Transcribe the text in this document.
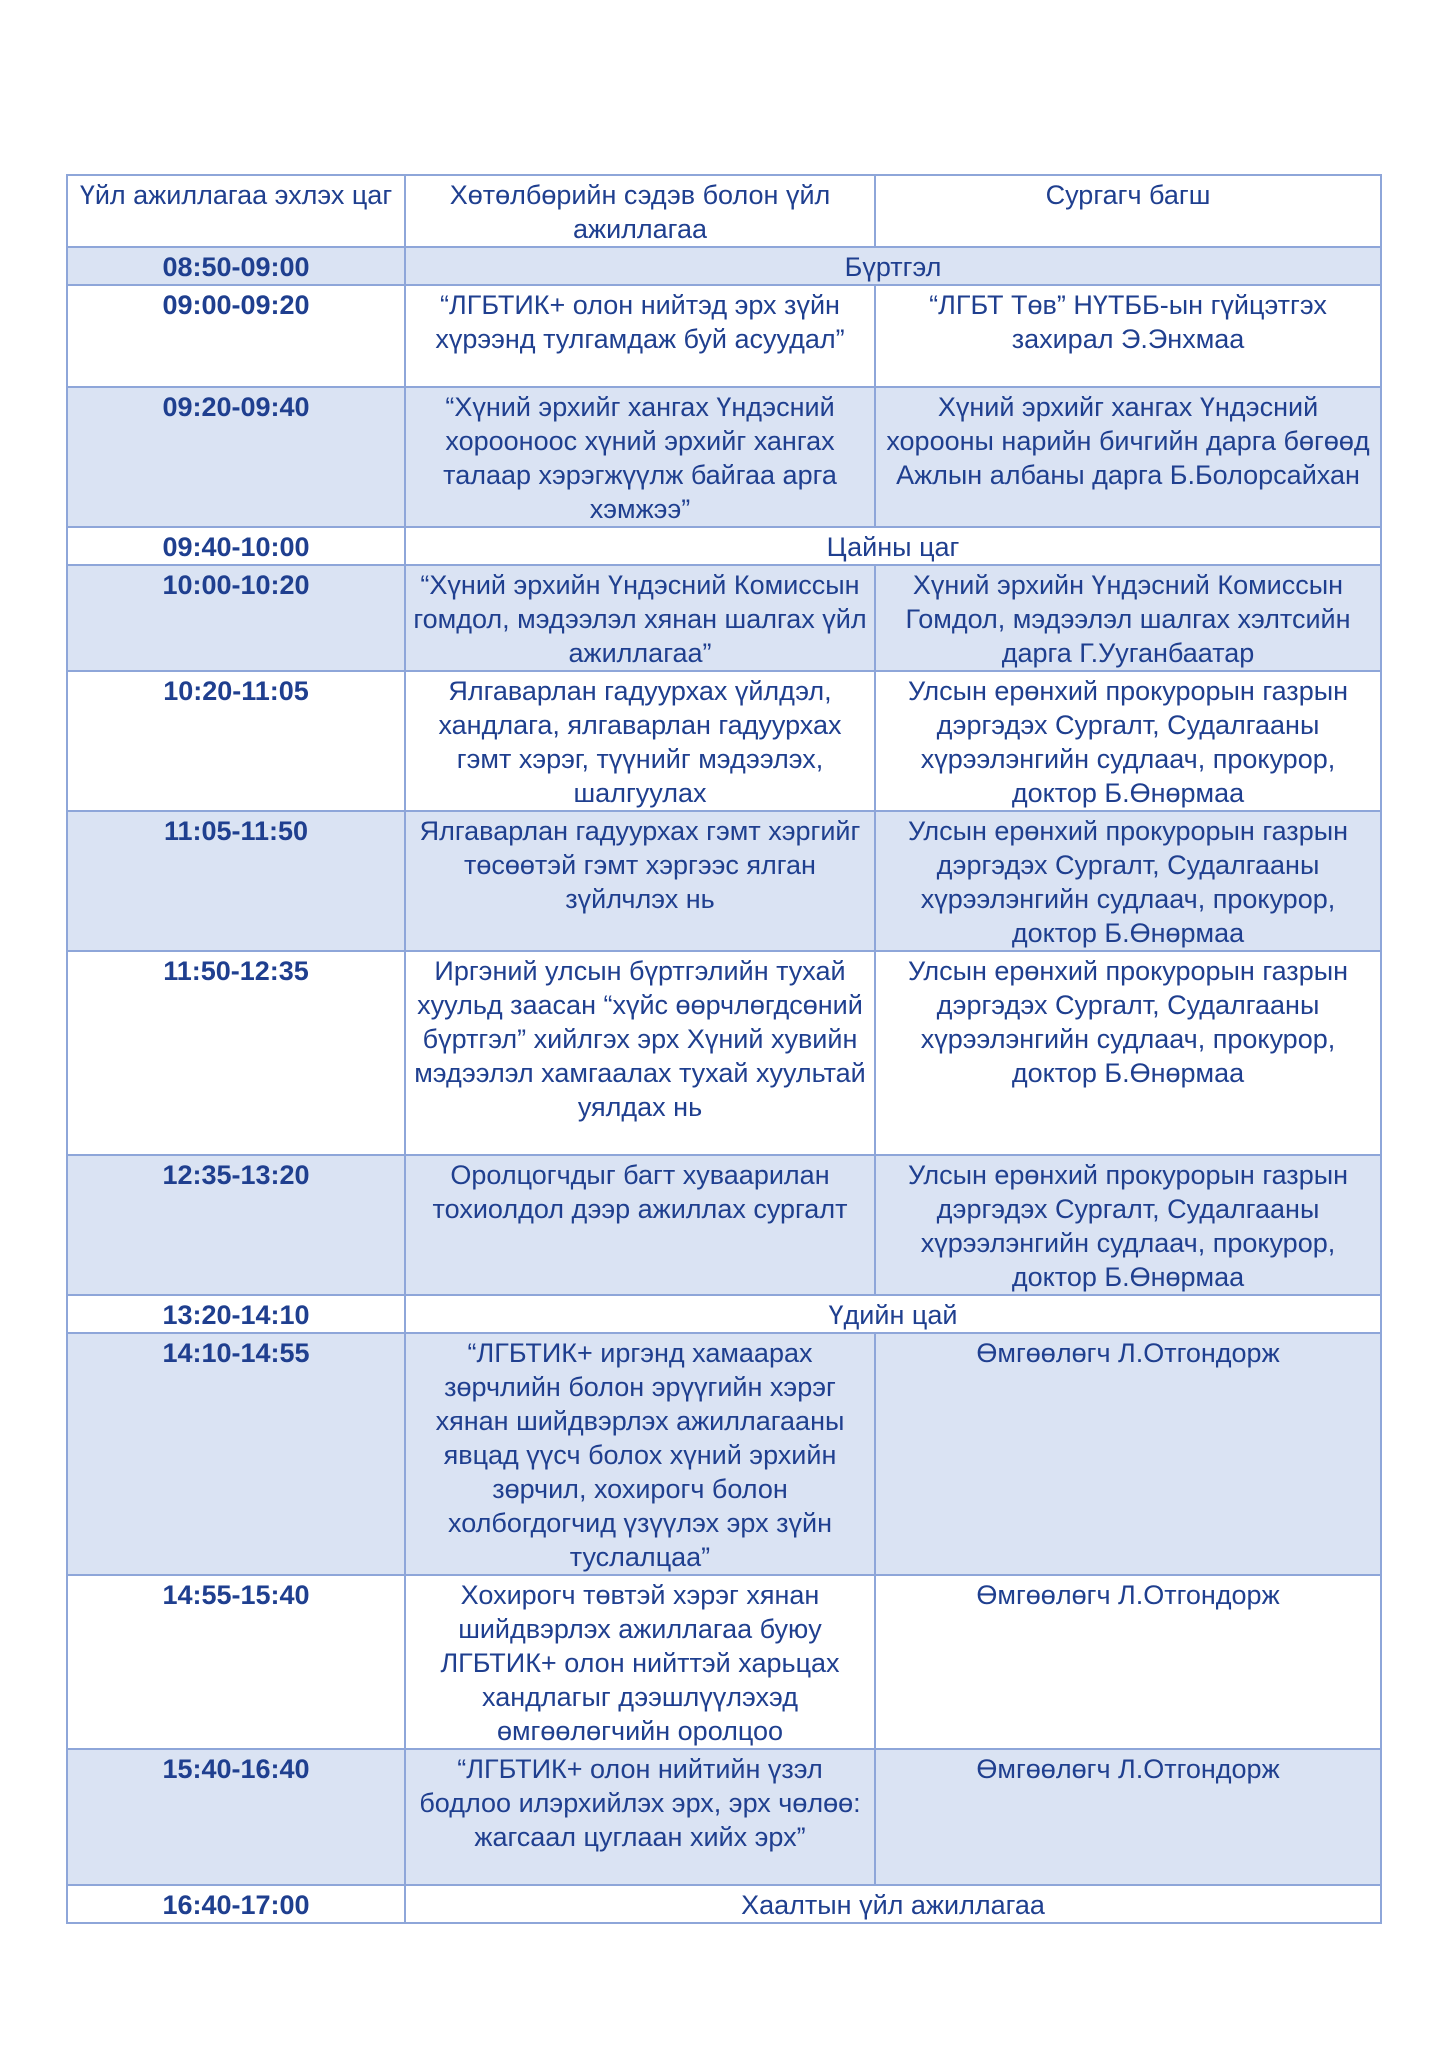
Үйл ажиллагаа эхлэх цаг	Хөтөлбөрийн сэдэв болон үйл ажиллагаа	Сургагч багш
08:50-09:00	Бүртгэл	
09:00-09:20	“ЛГБТИК+ олон нийтэд эрх зүйн хүрээнд тулгамдаж буй асуудал”	“ЛГБТ Төв” НҮТББ-ын гүйцэтгэх захирал Э.Энхмаа
09:20-09:40	“Хүний эрхийг хангах Үндэсний хорооноос хүний эрхийг хангах талаар хэрэгжүүлж байгаа арга хэмжээ”	Хүний эрхийг хангах Үндэсний хорооны нарийн бичгийн дарга бөгөөд Ажлын албаны дарга Б.Болорсайхан
09:40-10:00	Цайны цаг	
10:00-10:20	“Хүний эрхийн Үндэсний Комиссын гомдол, мэдээлэл хянан шалгах үйл ажиллагаа”	Хүний эрхийн Үндэсний Комиссын Гомдол, мэдээлэл шалгах хэлтсийн дарга Г.Ууганбаатар
10:20-11:05	Ялгаварлан гадуурхах үйлдэл, хандлага, ялгаварлан гадуурхах гэмт хэрэг, түүнийг мэдээлэх, шалгуулах	Улсын ерөнхий прокурорын газрын дэргэдэх Сургалт, Судалгааны хүрээлэнгийн судлаач, прокурор, доктор Б.Өнөрмаа
11:05-11:50	Ялгаварлан гадуурхах гэмт хэргийг төсөөтэй гэмт хэргээс ялган зүйлчлэх нь	Улсын ерөнхий прокурорын газрын дэргэдэх Сургалт, Судалгааны хүрээлэнгийн судлаач, прокурор, доктор Б.Өнөрмаа
11:50-12:35	Иргэний улсын бүртгэлийн тухай хуульд заасан “хүйс өөрчлөгдсөний бүртгэл” хийлгэх эрх Хүний хувийн мэдээлэл хамгаалах тухай хуультай уялдах нь	Улсын ерөнхий прокурорын газрын дэргэдэх Сургалт, Судалгааны хүрээлэнгийн судлаач, прокурор, доктор Б.Өнөрмаа
12:35-13:20	Оролцогчдыг багт хуваарилан тохиолдол дээр ажиллах сургалт	Улсын ерөнхий прокурорын газрын дэргэдэх Сургалт, Судалгааны хүрээлэнгийн судлаач, прокурор, доктор Б.Өнөрмаа
13:20-14:10	Үдийн цай	
14:10-14:55	“ЛГБТИК+ иргэнд хамаарах зөрчлийн болон эрүүгийн хэрэг хянан шийдвэрлэх ажиллагааны явцад үүсч болох хүний эрхийн зөрчил, хохирогч болон холбогдогчид үзүүлэх эрх зүйн туслалцаа”	Өмгөөлөгч Л.Отгондорж
14:55-15:40	Хохирогч төвтэй хэрэг хянан шийдвэрлэх ажиллагаа буюу ЛГБТИК+ олон нийттэй харьцах хандлагыг дээшлүүлэхэд өмгөөлөгчийн оролцоо	Өмгөөлөгч Л.Отгондорж
15:40-16:40	“ЛГБТИК+ олон нийтийн үзэл бодлоо илэрхийлэх эрх, эрх чөлөө: жагсаал цуглаан хийх эрх”	Өмгөөлөгч Л.Отгондорж
16:40-17:00	Хаалтын үйл ажиллагаа	
